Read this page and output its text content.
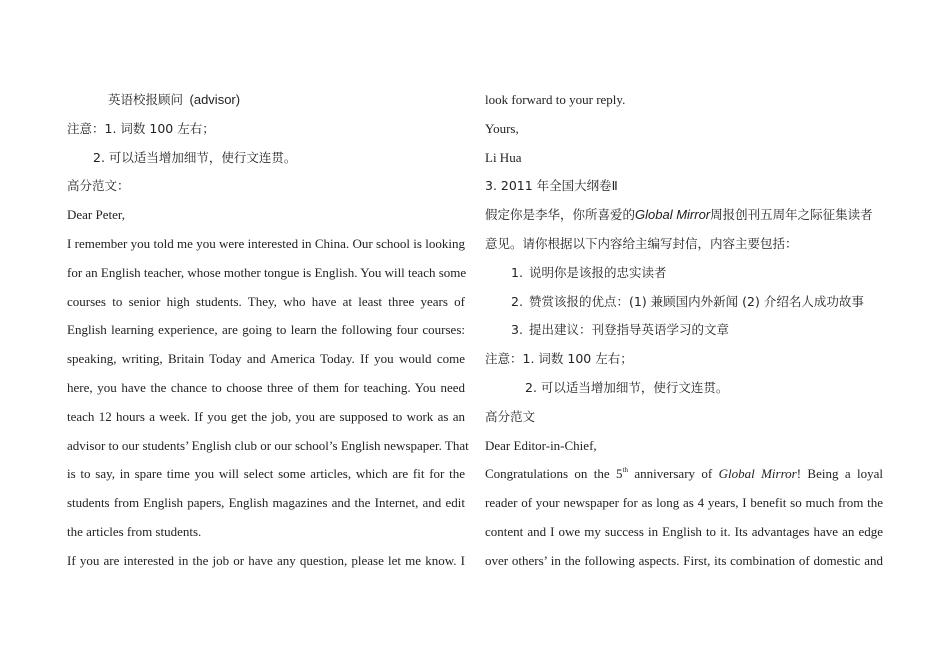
英语校报顾问 (advisor)
注意：1. 词数 100 左右；
2. 可以适当增加细节，使行文连贯。
高分范文：
Dear Peter,
I remember you told me you were interested in China. Our school is looking
for an English teacher, whose mother tongue is English. You will teach some
courses to senior high students. They, who have at least three years of
English learning experience, are going to learn the following four courses:
speaking, writing, Britain Today and America Today. If you would come
here, you have the chance to choose three of them for teaching. You need
teach 12 hours a week. If you get the job, you are supposed to work as an
advisor to our students’ English club or our school’s English newspaper. That
is to say, in spare time you will select some articles, which are fit for the
students from English papers, English magazines and the Internet, and edit
the articles from students.
If you are interested in the job or have any question, please let me know. I
look forward to your reply.
Yours,
Li Hua
3. 2011 年全国大纲卷Ⅱ
假定你是李华，你所喜爱的Global Mirror周报创刊五周年之际征集读者
意见。请你根据以下内容给主编写封信，内容主要包括：
1. 说明你是该报的忠实读者
2. 赞赏该报的优点：(1) 兼顾国内外新闻 (2) 介绍名人成功故事
3. 提出建议：刊登指导英语学习的文章
注意：1. 词数 100 左右；
2. 可以适当增加细节，使行文连贯。
高分范文
Dear Editor-in-Chief,
Congratulations on the 5th anniversary of Global Mirror! Being a loyal
reader of your newspaper for as long as 4 years, I benefit so much from the
content and I owe my success in English to it. Its advantages have an edge
over others’ in the following aspects. First, its combination of domestic and
